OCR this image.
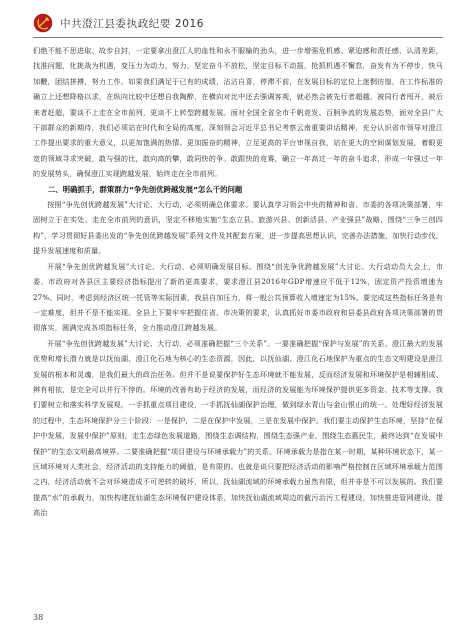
中共澄江县委执政纪要 2016

们绝不能不思进取、故步自封，一定要拿出澄江人的血性和永不服输的劲头，进一步增强危机感、紧迫感和责任感，认清差距，找准问题，化挑战为机遇，变压力为动力，努力，坚定奋斗不放松，坚定目标不动摇，抢抓机遇不懈怠，奋发有为不停步，快马加鞭，团结拼搏，努力工作。如果我们满足于已有的成绩，沾沾自喜，停滞不前，在发展目标的定位上迷惘彷徨，在工作标准的确立上还想降格以求，在纵向比较中还想自我陶醉，在横向对比中还去强调客观，就必然会被先行者超越，被同行者甩开，被后来者赶超，要谈不上走在全市前列，更谈不上转型跨越发展。面对全国全省全市千帆竞发、百舸争流的发展态势，面对全县广大干部群众的新期待，我们必须站在时代和全局的高度，深刻领会习近平总书记考察云南重要讲话精神，充分认识省市领导对澄江工作提出要求的重大意义，以更加饱满的热情、更加振奋的精神，立足更高的平台审视自我，站在更大的空间谋划发展，着眼更宽的领域寻求突破，敢与强的比，敢向高的攀，敢同快的争。敢跟快的竞赛，确立一年高过一年的奋斗追求，形成一年强过一年的发展势头，确保澄江实现跨越发展，始终走在全市前列。

二、明确抓手，群策群力“争先创优跨越发展”怎么干的问题

按照“争先创优跨越发展”大讨论、大行动，必须明确总体要求。要认真学习领会中央的精神和省、市委的各项决策部署，牢固树立于在实处、走在全市前列的意识，坚定不移地实施“生态立县、旅游兴县、创新活县、产业强县”战略，围绕“三争三创四构”，学习贯彻好县委出发的“争先创优跨越发展”系列文件及其配套方案，进一步提高思想认识，完善办法措施，加快行动步伐，提升发展速度和质量。

开展“争先创优跨越发展”大讨论、大行动，必须明确发展目标。围绕“创先争优跨越发展”大讨论、大行动动员大会上，市委、市政府对各县区主要经济指标提出了新的更高要求，要求澄江县2016年GDP增速应不低于12%，固定资产投资增速为27%。同时，考虑到经济区统一托管等实际因素，我县自加压力，将一般公共预算收入增速定为15%。要完成这些指标任务是有一定难度，但并不是不能实现。全县上下要牢牢把握住省、市决策的要求，认真抓好市委市政府和县委县政府各项决策部署的贯彻落实，圆满完成各项指标任务，全力推动澄江跨越发展。

开展“争先创优跨越发展”大讨论、大行动，必须准确把握“三个关系”。一要准确把握“保护与发展”的关系。澄江最大的发展优势和增长潜力就是以抚仙湖、澄江化石地为核心的生态资源，因此，以抚仙湖、澄江化石地保护为重点的生态文明建设是澄江发展的根本和灵魂，是我们最大的政治任务。但并不是说要保护好生态环境就不能发展，反而经济发展和环境保护是相辅相成、辨有相依，是完全可以并行不悖的。环境的改善有助于经济的发展，而经济的发展能为环境保护提供更多资金、技术等支撑。我们要树立和落实科学发展观，一手抓重点项目建设，一手抓抚仙湖保护治理，做到绿水青山与金山银山的统一。处理好经济发展的过程中，生态环境保护分三个阶段：一是保护，二是在保护中发展，三是在发展中保护。我们要主动保护生态环境，坚持“在保护中发展，发展中保护”原则，走生态绿色发展道路，围绕生态调结构，围绕生态强产业，围绕生态惠民生，最终达到“在发展中保护”的生态文明最高境界。二要准确把握“项目建设与环境承载力”的关系。环境承载力是指在某一时期，某种环境状态下，某一区域环境对人类社会，经济活动的支持能力的阈值，是有限的。也就是说只要把经济活动的影响严格控制在区域环境承载力范围之内，经济活动就不会对环境造成不可逆转的破坏，所以，抚仙湖流域的环境承载力虽然有限，但并非是不可以发展的。我们要提高“水”的承载力，加快构建抚仙湖生态环境保护建设体系，加快抚仙湖流域周边的截污治污工程建设，加快推进管网建设，提高治

38
